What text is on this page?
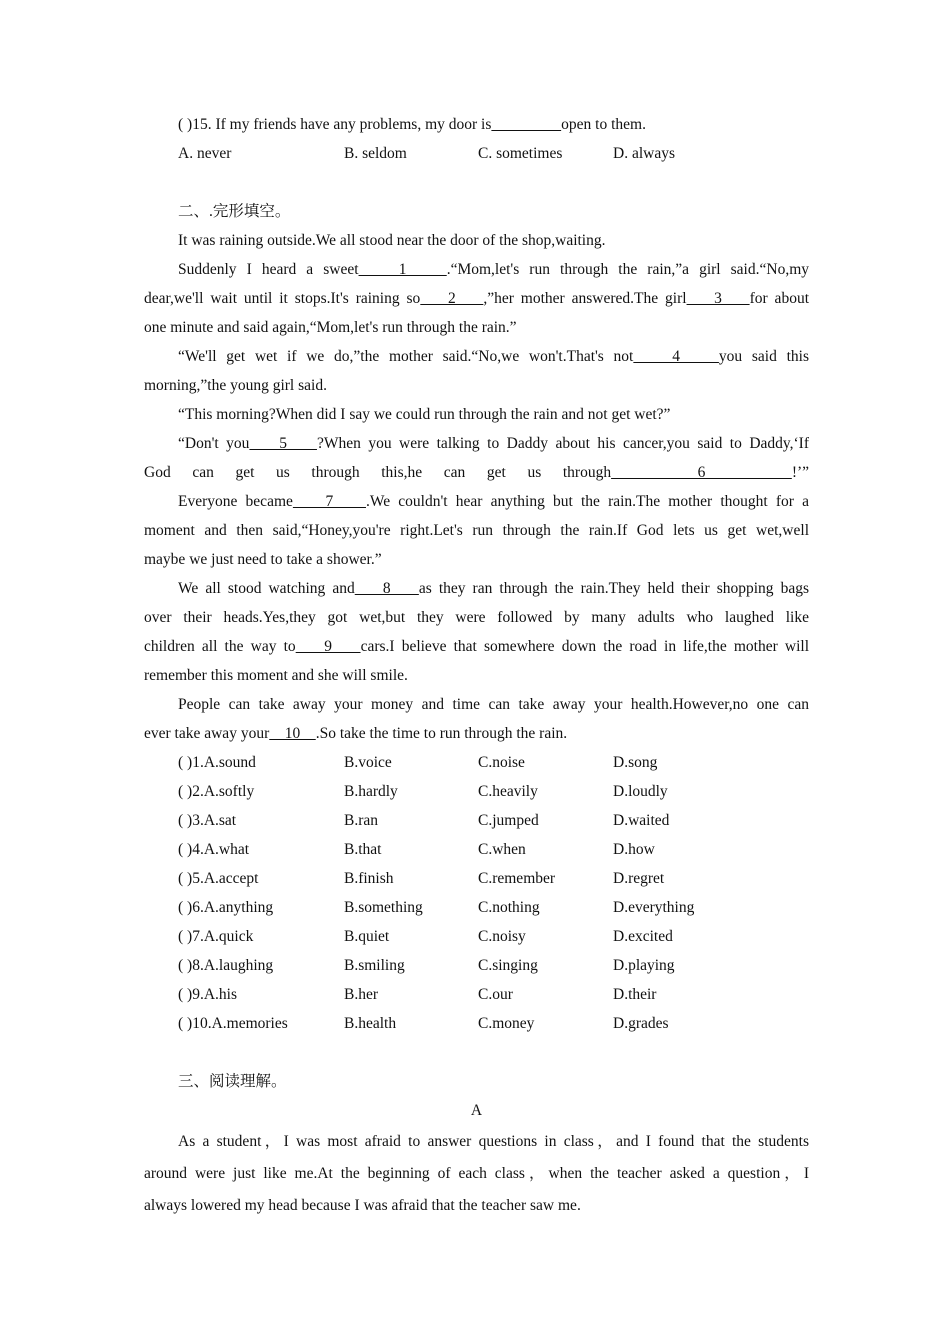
( )15. If my friends have any problems, my door is	open to them.
A. never	B. seldom	C. sometimes	D. always
二、.完形填空。
It was raining outside.We all stood near the door of the shop,waiting.
Suddenly I heard a sweet    1    .“Mom,let's run through the rain,”a girl said.“No,my
dear,we'll wait until it stops.It's raining so    2    ,”her mother answered.The girl    3    for about
one minute and said again,“Mom,let's run through the rain.”
“We'll get wet if we do,”the mother said.“No,we won't.That's not    4    you said this
morning,”the young girl said.
“This morning?When did I say we could run through the rain and not get wet?”
“Don't you    5    ?When you were talking to Daddy about his cancer,you said to Daddy,‘If
God can get us through this,he can get us through    6    !’”
Everyone became    7    .We couldn't hear anything but the rain.The mother thought for a
moment and then said,“Honey,you're right.Let's run through the rain.If God lets us get wet,well
maybe we just need to take a shower.”
We all stood watching and    8    as they ran through the rain.They held their shopping bags
over their heads.Yes,they got wet,but they were followed by many adults who laughed like
children all the way to    9    cars.I believe that somewhere down the road in life,the mother will
remember this moment and she will smile.
People can take away your money and time can take away your health.However,no one can
ever take away your    10    .So take the time to run through the rain.
( )1.A.sound	B.voice	C.noise	D.song
( )2.A.softly	B.hardly	C.heavily	D.loudly
( )3.A.sat	B.ran	C.jumped	D.waited
( )4.A.what	B.that	C.when	D.how
( )5.A.accept	B.finish	C.remember	D.regret
( )6.A.anything	B.something	C.nothing	D.everything
( )7.A.quick	B.quiet	C.noisy	D.excited
( )8.A.laughing	B.smiling	C.singing	D.playing
( )9.A.his	B.her	C.our	D.their
( )10.A.memories	B.health	C.money	D.grades
三、阅读理解。
A
As a student，I was most afraid to answer questions in class，and I found that the students
around were just like me.At the beginning of each class，when the teacher asked a question，I
always lowered my head because I was afraid that the teacher saw me.
